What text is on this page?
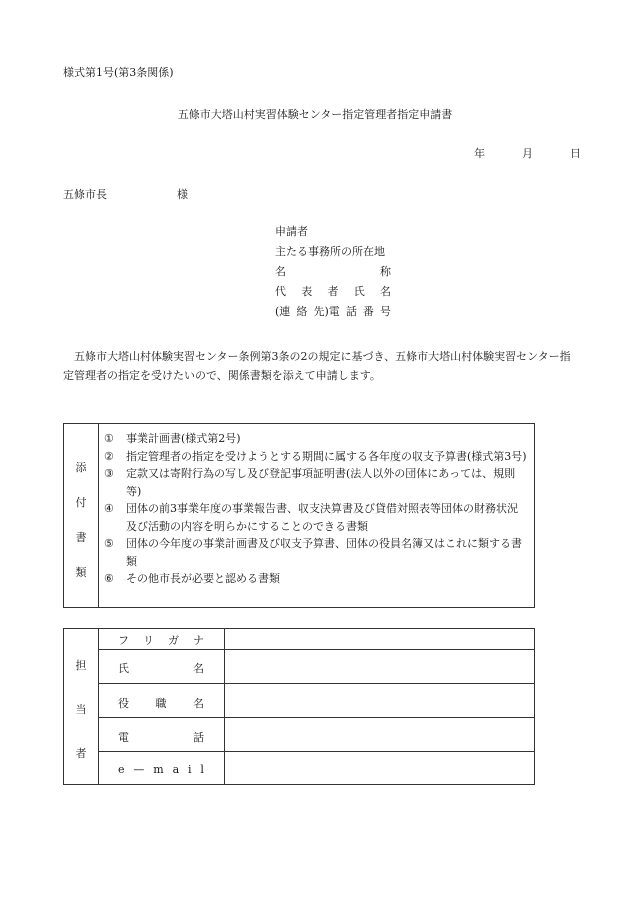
様式第1号(第3条関係)
五條市大塔山村実習体験センター指定管理者指定申請書
年	月	日
五條市長	様
申請者
主たる事務所の所在地
名	称
代 表 者 氏 名
(連 絡 先)電 話 番 号
　五條市大塔山村体験実習センター条例第3条の2の規定に基づき、五條市大塔山村体験実習センター指定管理者の指定を受けたいので、関係書類を添えて申請します。
添
付
書
類
①	事業計画書(様式第2号)
②	指定管理者の指定を受けようとする期間に属する各年度の収支予算書(様式第3号)
③	定款又は寄附行為の写し及び登記事項証明書(法人以外の団体にあっては、規則等)
④	団体の前3事業年度の事業報告書、収支決算書及び貸借対照表等団体の財務状況及び活動の内容を明らかにすることのできる書類
⑤	団体の今年度の事業計画書及び収支予算書、団体の役員名簿又はこれに類する書類
⑥	その他市長が必要と認める書類
担
当
者
フ リ ガ ナ
氏	名
役 職 名
電	話
e — m a i l
